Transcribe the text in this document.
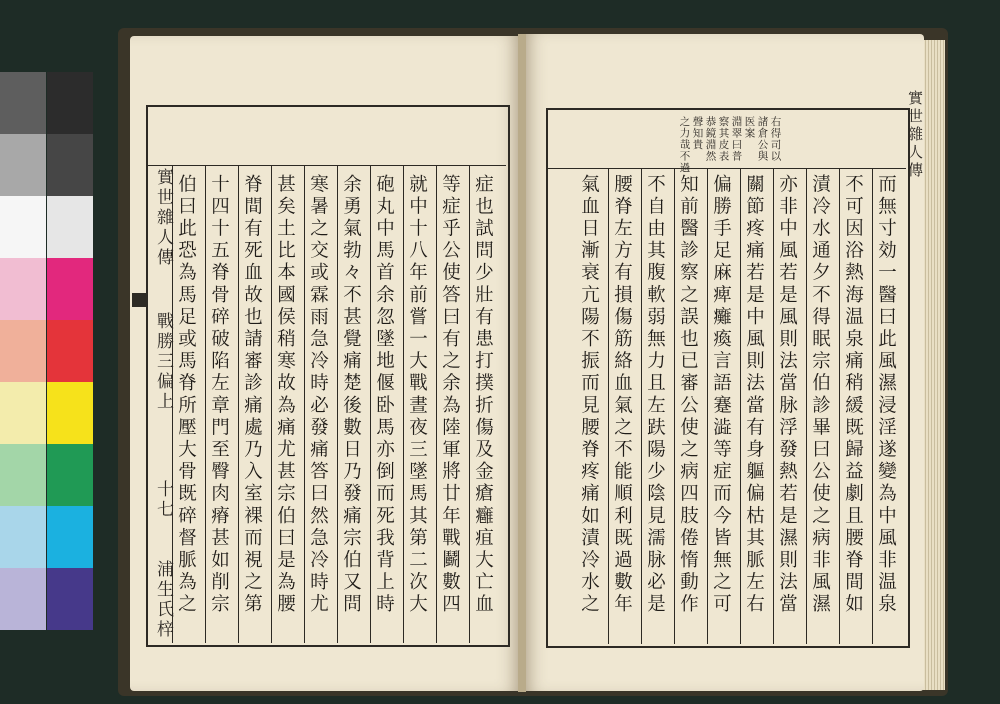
實世雜人傳
戰勝三偏上
十七
浦生氏梓 伯曰此恐為馬足或馬脊所壓大骨既碎督脈為之 十四十五脊骨碎破陷左章門至臀肉瘠甚如削宗 脊間有死血故也請審診痛處乃入室裸而視之第 甚矣土比本國侯稍寒故為痛尤甚宗伯曰是為腰 寒暑之交或霖雨急冷時必發痛答曰然急冷時尤 余勇氣勃々不甚覺痛楚後數日乃發痛宗伯又問 砲丸中馬首余忽墜地偃卧馬亦倒而死我背上時 就中十八年前嘗一大戰晝夜三墜馬其第二次大 等症乎公使答曰有之余為陸軍將廿年戰鬬數四 症也試問少壯有患打撲折傷及金瘡癰疽大亡血
右得司以
諸倉公與
医案
淵翠曰普
察其皮表
恭鏡淵然
聲知貴
之力哉不過
而無寸効一醫曰此風濕浸淫遂變為中風非温泉
不可因浴熱海温泉痛稍緩既歸益劇且腰脊間如
漬冷水通夕不得眠宗伯診畢曰公使之病非風濕
亦非中風若是風則法當脉浮發熱若是濕則法當
關節疼痛若是中風則法當有身軀偏枯其脈左右
偏勝手足麻痺癱瘓言語蹇澁等症而今皆無之可
知前醫診察之誤也已審公使之病四肢倦惰動作
不自由其腹軟弱無力且左趺陽少陰見濡脉必是
腰脊左方有損傷筋絡血氣之不能順利既過數年
氣血日漸衰亢陽不振而見腰脊疼痛如漬冷水之
實世雜人傳
